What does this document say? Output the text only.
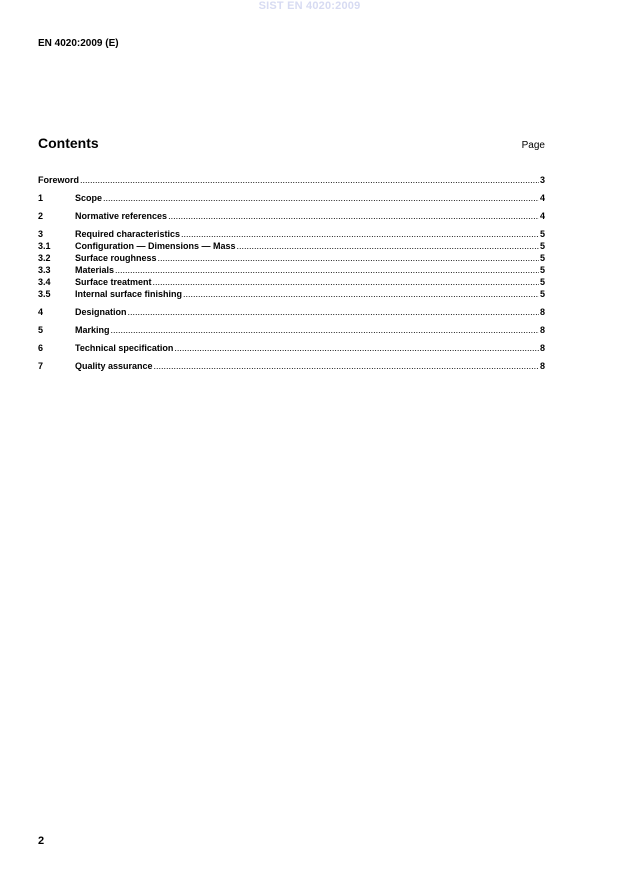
SIST EN 4020:2009
EN 4020:2009 (E)
Contents	Page
Foreword .....	3
1	Scope .....	4
2	Normative references .....	4
3	Required characteristics .....	5
3.1	Configuration — Dimensions — Mass .....	5
3.2	Surface roughness .....	5
3.3	Materials .....	5
3.4	Surface treatment .....	5
3.5	Internal surface finishing .....	5
4	Designation .....	8
5	Marking .....	8
6	Technical specification .....	8
7	Quality assurance .....	8
2
